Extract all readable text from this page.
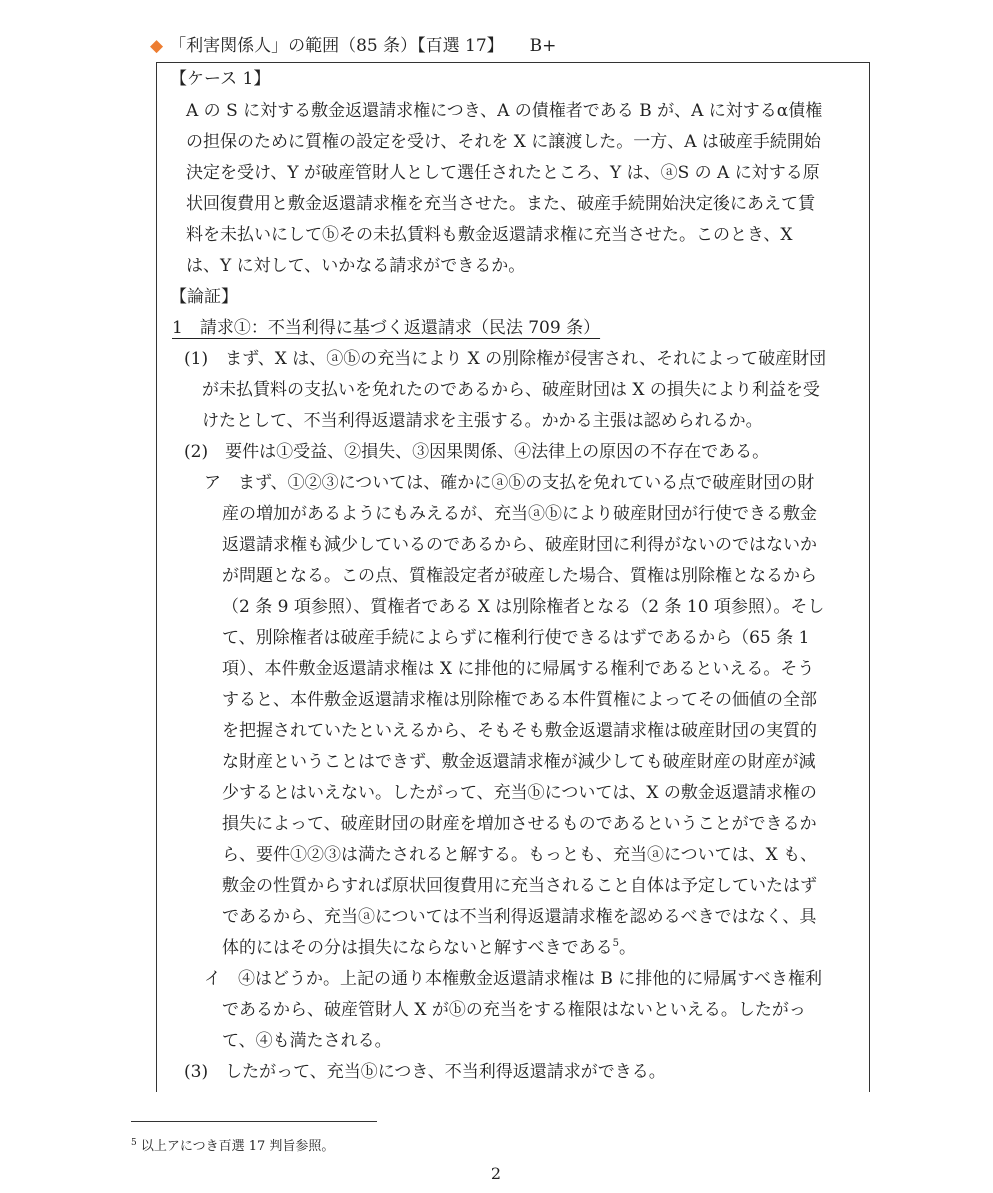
◆ 「利害関係人」の範囲（85 条）【百選 17】 B+
【ケース 1】
A の S に対する敷金返還請求権につき、A の債権者である B が、A に対するα債権
の担保のために質権の設定を受け、それを X に譲渡した。一方、A は破産手続開始
決定を受け、Y が破産管財人として選任されたところ、Y は、ⓐS の A に対する原
状回復費用と敷金返還請求権を充当させた。また、破産手続開始決定後にあえて賃
料を未払いにしてⓑその未払賃料も敷金返還請求権に充当させた。このとき、X
は、Y に対して、いかなる請求ができるか。
【論証】
1　請求①：不当利得に基づく返還請求（民法 709 条）
(1)　まず、X は、ⓐⓑの充当により X の別除権が侵害され、それによって破産財団
が未払賃料の支払いを免れたのであるから、破産財団は X の損失により利益を受
けたとして、不当利得返還請求を主張する。かかる主張は認められるか。
(2)　要件は①受益、②損失、③因果関係、④法律上の原因の不存在である。
ア　まず、①②③については、確かにⓐⓑの支払を免れている点で破産財団の財
産の増加があるようにもみえるが、充当ⓐⓑにより破産財団が行使できる敷金
返還請求権も減少しているのであるから、破産財団に利得がないのではないか
が問題となる。この点、質権設定者が破産した場合、質権は別除権となるから
（2 条 9 項参照）、質権者である X は別除権者となる（2 条 10 項参照）。そし
て、別除権者は破産手続によらずに権利行使できるはずであるから（65 条 1
項）、本件敷金返還請求権は X に排他的に帰属する権利であるといえる。そう
すると、本件敷金返還請求権は別除権である本件質権によってその価値の全部
を把握されていたといえるから、そもそも敷金返還請求権は破産財団の実質的
な財産ということはできず、敷金返還請求権が減少しても破産財産の財産が減
少するとはいえない。したがって、充当ⓑについては、X の敷金返還請求権の
損失によって、破産財団の財産を増加させるものであるということができるか
ら、要件①②③は満たされると解する。もっとも、充当ⓐについては、X も、
敷金の性質からすれば原状回復費用に充当されること自体は予定していたはず
であるから、充当ⓐについては不当利得返還請求権を認めるべきではなく、具
体的にはその分は損失にならないと解すべきである$^5$。
イ　④はどうか。上記の通り本権敷金返還請求権は B に排他的に帰属すべき権利
であるから、破産管財人 X がⓑの充当をする権限はないといえる。したがっ
て、④も満たされる。
(3)　したがって、充当ⓑにつき、不当利得返還請求ができる。
$^5$ 以上アにつき百選 17 判旨参照。
2
